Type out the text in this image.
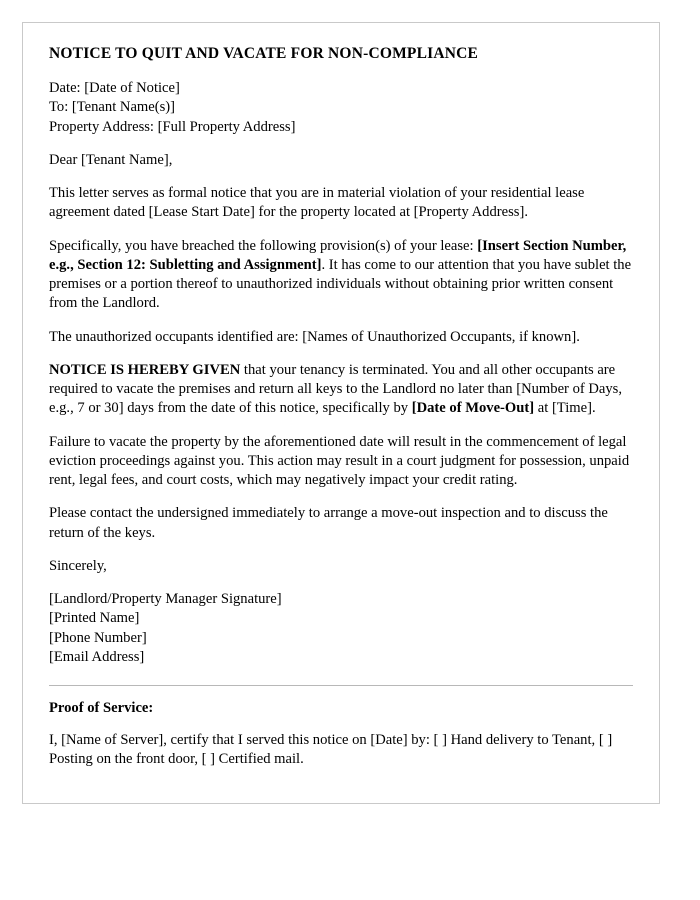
NOTICE TO QUIT AND VACATE FOR NON-COMPLIANCE
Date: [Date of Notice]
To: [Tenant Name(s)]
Property Address: [Full Property Address]

Dear [Tenant Name],

This letter serves as formal notice that you are in material violation of your residential lease agreement dated [Lease Start Date] for the property located at [Property Address].

Specifically, you have breached the following provision(s) of your lease: [Insert Section Number, e.g., Section 12: Subletting and Assignment]. It has come to our attention that you have sublet the premises or a portion thereof to unauthorized individuals without obtaining prior written consent from the Landlord.

The unauthorized occupants identified are: [Names of Unauthorized Occupants, if known].

NOTICE IS HEREBY GIVEN that your tenancy is terminated. You and all other occupants are required to vacate the premises and return all keys to the Landlord no later than [Number of Days, e.g., 7 or 30] days from the date of this notice, specifically by [Date of Move-Out] at [Time].

Failure to vacate the property by the aforementioned date will result in the commencement of legal eviction proceedings against you. This action may result in a court judgment for possession, unpaid rent, legal fees, and court costs, which may negatively impact your credit rating.

Please contact the undersigned immediately to arrange a move-out inspection and to discuss the return of the keys.

Sincerely,

[Landlord/Property Manager Signature]
[Printed Name]
[Phone Number]
[Email Address]
Proof of Service:

I, [Name of Server], certify that I served this notice on [Date] by: [ ] Hand delivery to Tenant, [ ] Posting on the front door, [ ] Certified mail.
